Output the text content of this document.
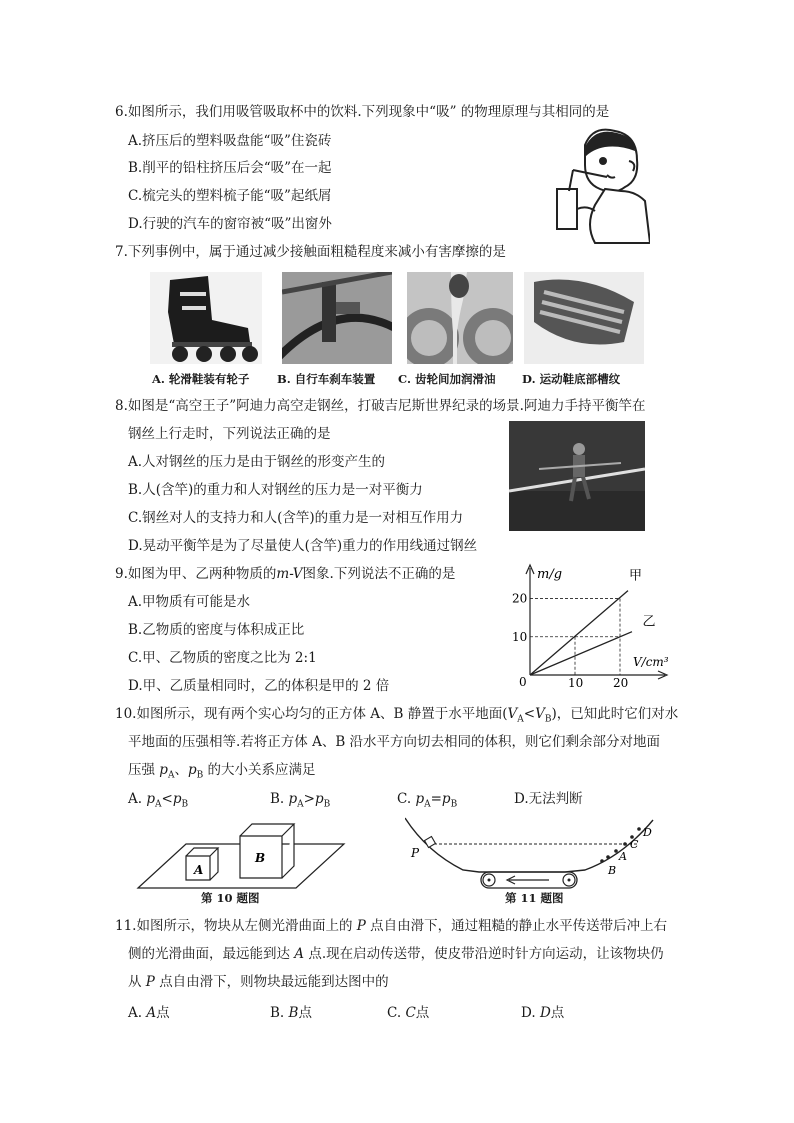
6.如图所示，我们用吸管吸取杯中的饮料.下列现象中“吸” 的物理原理与其相同的是
A.挤压后的塑料吸盘能“吸”住瓷砖
B.削平的铅柱挤压后会“吸”在一起
C.梳完头的塑料梳子能“吸”起纸屑
D.行驶的汽车的窗帘被“吸”出窗外
7.下列事例中，属于通过减少接触面粗糙程度来减小有害摩擦的是
A. 轮滑鞋装有轮子 B. 自行车刹车装置 C. 齿轮间加润滑油 D. 运动鞋底部槽纹
8.如图是“高空王子”阿迪力高空走钢丝，打破吉尼斯世界纪录的场景.阿迪力手持平衡竿在
钢丝上行走时，下列说法正确的是
A.人对钢丝的压力是由于钢丝的形变产生的
B.人(含竿)的重力和人对钢丝的压力是一对平衡力
C.钢丝对人的支持力和人(含竿)的重力是一对相互作用力
D.晃动平衡竿是为了尽量使人(含竿)重力的作用线通过钢丝
9.如图为甲、乙两种物质的m-V图象.下列说法不正确的是
A.甲物质有可能是水
B.乙物质的密度与体积成正比
C.甲、乙物质的密度之比为 2:1
D.甲、乙质量相同时，乙的体积是甲的 2 倍
m/g
V/cm³
0
20
10
10 20
甲
乙
10.如图所示，现有两个实心均匀的正方体 A、B 静置于水平地面$(V_A<V_B)$，已知此时它们对水
平地面的压强相等.若将正方体 A、B 沿水平方向切去相同的体积，则它们剩余部分对地面
压强 $p_A$、$p_B$ 的大小关系应满足
A. $p_A<p_B$	B. $p_A>p_B$	C. $p_A=p_B$	D.无法判断
A
B
第 10 题图
P	A
B
C
D
第 11 题图
11.如图所示，物块从左侧光滑曲面上的 P 点自由滑下，通过粗糙的静止水平传送带后冲上右
侧的光滑曲面，最远能到达 A 点.现在启动传送带，使皮带沿逆时针方向运动，让该物块仍
从 P 点自由滑下，则物块最远能到达图中的
A. A点	B. B点	C. C点	D. D点
